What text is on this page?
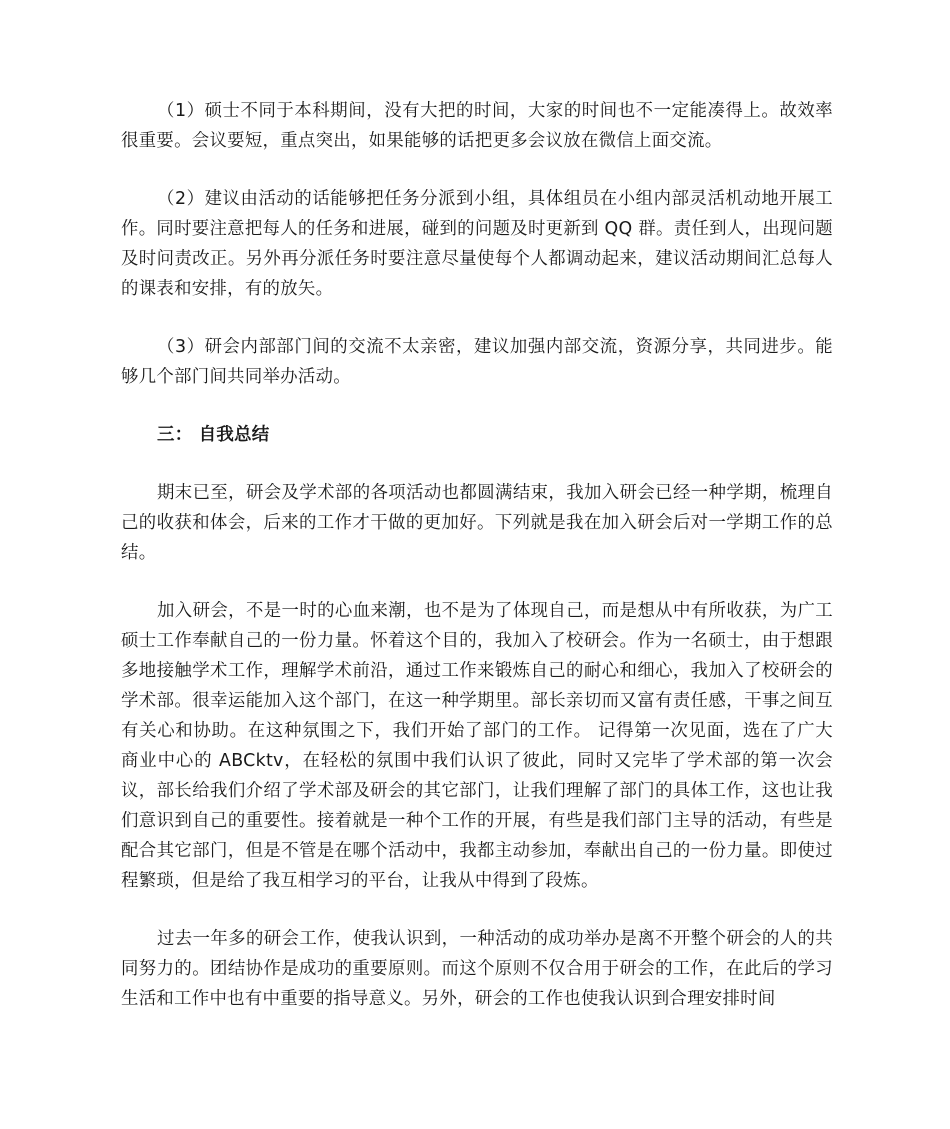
（1）硕士不同于本科期间，没有大把的时间，大家的时间也不一定能凑得上。故效率很重要。会议要短，重点突出，如果能够的话把更多会议放在微信上面交流。

（2）建议由活动的话能够把任务分派到小组，具体组员在小组内部灵活机动地开展工作。同时要注意把每人的任务和进展，碰到的问题及时更新到 QQ 群。责任到人，出现问题及时问责改正。另外再分派任务时要注意尽量使每个人都调动起来，建议活动期间汇总每人的课表和安排，有的放矢。

（3）研会内部部门间的交流不太亲密，建议加强内部交流，资源分享，共同进步。能够几个部门间共同举办活动。

三： 自我总结

期末已至，研会及学术部的各项活动也都圆满结束，我加入研会已经一种学期，梳理自己的收获和体会，后来的工作才干做的更加好。下列就是我在加入研会后对一学期工作的总结。

加入研会，不是一时的心血来潮，也不是为了体现自己，而是想从中有所收获，为广工硕士工作奉献自己的一份力量。怀着这个目的，我加入了校研会。作为一名硕士，由于想跟多地接触学术工作，理解学术前沿，通过工作来锻炼自己的耐心和细心，我加入了校研会的学术部。很幸运能加入这个部门，在这一种学期里。部长亲切而又富有责任感，干事之间互有关心和协助。在这种氛围之下，我们开始了部门的工作。 记得第一次见面，选在了广大商业中心的 ABCktv，在轻松的氛围中我们认识了彼此，同时又完毕了学术部的第一次会议，部长给我们介绍了学术部及研会的其它部门，让我们理解了部门的具体工作，这也让我们意识到自己的重要性。接着就是一种个工作的开展，有些是我们部门主导的活动，有些是配合其它部门，但是不管是在哪个活动中，我都主动参加，奉献出自己的一份力量。即使过程繁琐，但是给了我互相学习的平台，让我从中得到了段炼。

过去一年多的研会工作，使我认识到，一种活动的成功举办是离不开整个研会的人的共同努力的。团结协作是成功的重要原则。而这个原则不仅合用于研会的工作，在此后的学习生活和工作中也有中重要的指导意义。另外，研会的工作也使我认识到合理安排时间
